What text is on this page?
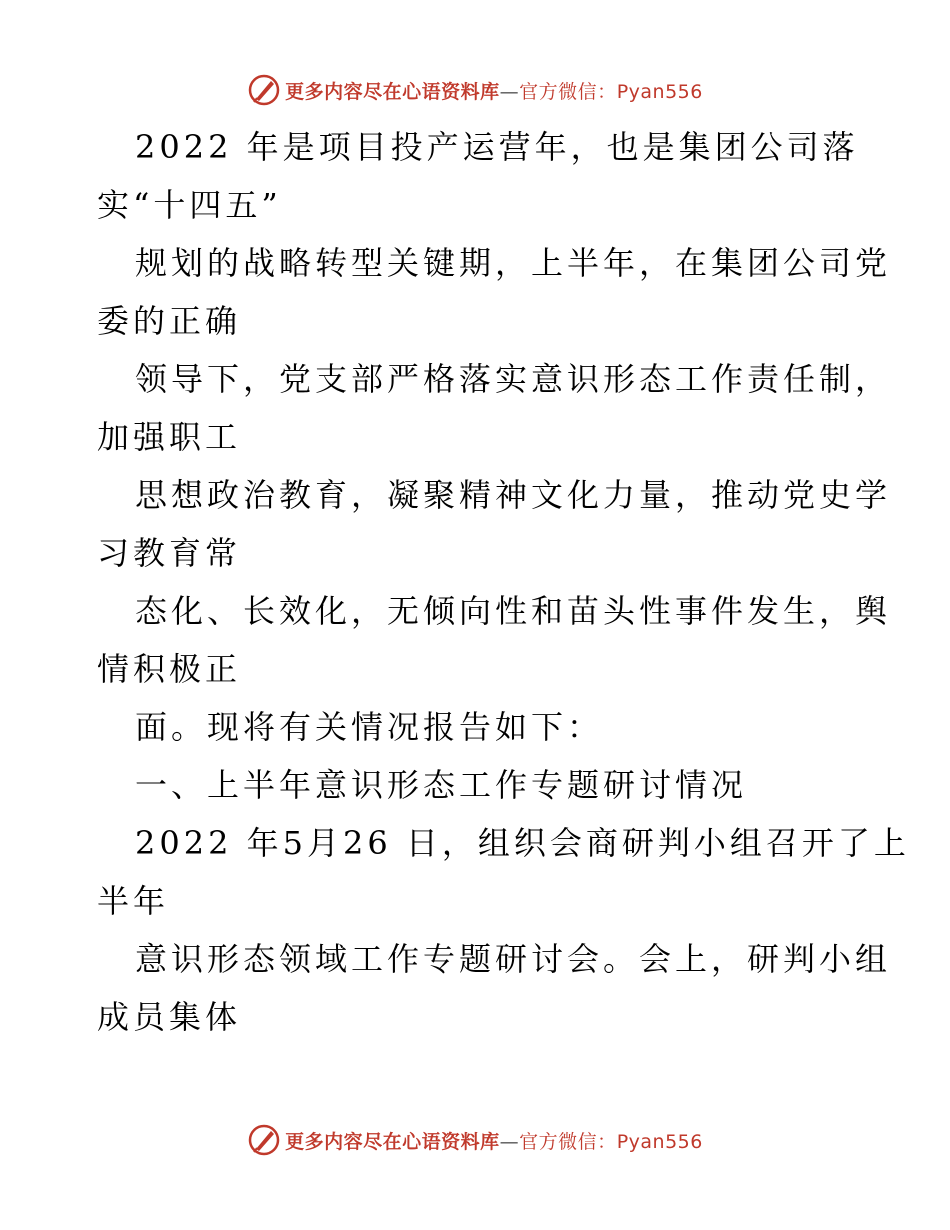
更多内容尽在心语资料库—官方微信：Pyan556
2022 年是项目投产运营年，也是集团公司落
实“十四五”
规划的战略转型关键期，上半年，在集团公司党
委的正确
领导下，党支部严格落实意识形态工作责任制，
加强职工
思想政治教育，凝聚精神文化力量，推动党史学
习教育常
态化、长效化，无倾向性和苗头性事件发生，舆
情积极正
面。现将有关情况报告如下：
一、上半年意识形态工作专题研讨情况
2022 年5月26 日，组织会商研判小组召开了上
半年
意识形态领域工作专题研讨会。会上，研判小组
成员集体
更多内容尽在心语资料库—官方微信：Pyan556
